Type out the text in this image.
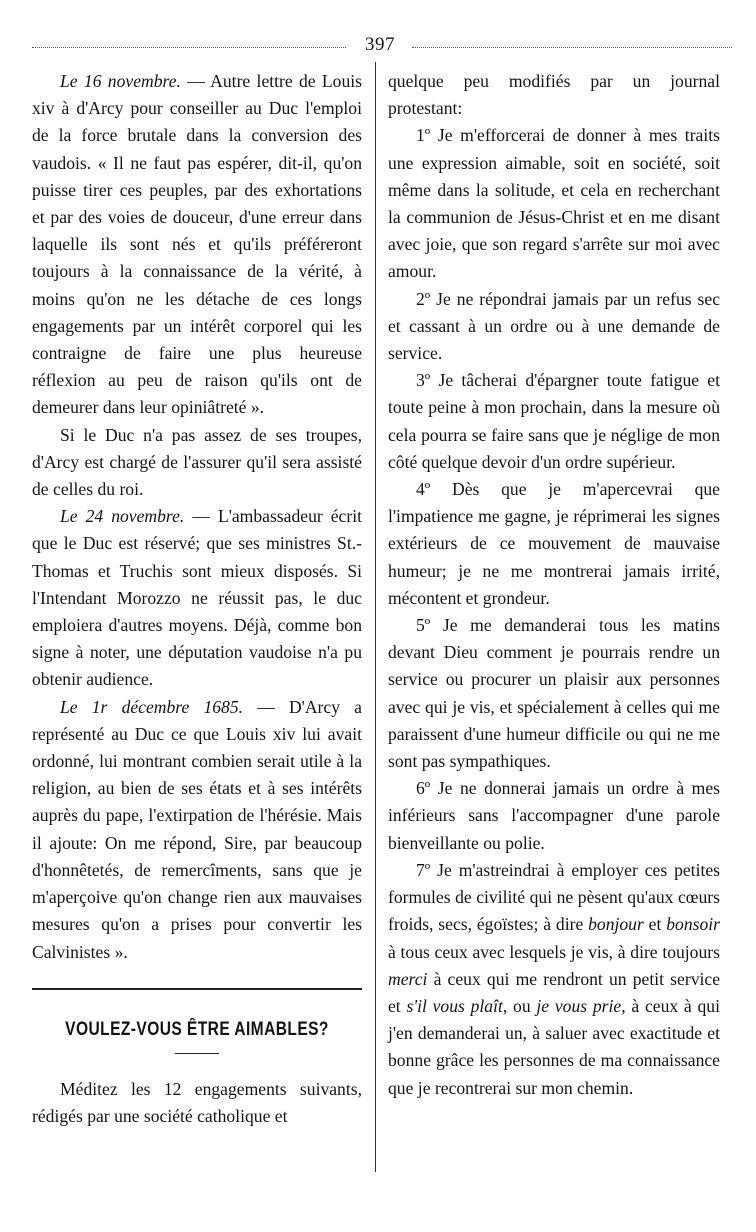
397

Le 16 novembre. — Autre lettre de Louis xiv à d'Arcy pour conseiller au Duc l'emploi de la force brutale dans la conversion des vaudois. « Il ne faut pas espérer, dit-il, qu'on puisse tirer ces peuples, par des exhortations et par des voies de douceur, d'une erreur dans laquelle ils sont nés et qu'ils préféreront toujours à la connaissance de la vérité, à moins qu'on ne les détache de ces longs engagements par un intérêt corporel qui les contraigne de faire une plus heureuse réflexion au peu de raison qu'ils ont de demeurer dans leur opiniâtreté ».

Si le Duc n'a pas assez de ses troupes, d'Arcy est chargé de l'assurer qu'il sera assisté de celles du roi.

Le 24 novembre. — L'ambassadeur écrit que le Duc est réservé; que ses ministres St.-Thomas et Truchis sont mieux disposés. Si l'Intendant Morozzo ne réussit pas, le duc emploiera d'autres moyens. Déjà, comme bon signe à noter, une députation vaudoise n'a pu obtenir audience.

Le 1r décembre 1685. — D'Arcy a représenté au Duc ce que Louis xiv lui avait ordonné, lui montrant combien serait utile à la religion, au bien de ses états et à ses intérêts auprès du pape, l'extirpation de l'hérésie. Mais il ajoute: On me répond, Sire, par beaucoup d'honnêtetés, de remercîments, sans que je m'aperçoive qu'on change rien aux mauvaises mesures qu'on a prises pour convertir les Calvinistes ».

VOULEZ-VOUS ÊTRE AIMABLES?

Méditez les 12 engagements suivants, rédigés par une société catholique et

quelque peu modifiés par un journal protestant:

1º Je m'efforcerai de donner à mes traits une expression aimable, soit en société, soit même dans la solitude, et cela en recherchant la communion de Jésus-Christ et en me disant avec joie, que son regard s'arrête sur moi avec amour.

2º Je ne répondrai jamais par un refus sec et cassant à un ordre ou à une demande de service.

3º Je tâcherai d'épargner toute fatigue et toute peine à mon prochain, dans la mesure où cela pourra se faire sans que je néglige de mon côté quelque devoir d'un ordre supérieur.

4º Dès que je m'apercevrai que l'impatience me gagne, je réprimerai les signes extérieurs de ce mouvement de mauvaise humeur; je ne me montrerai jamais irrité, mécontent et grondeur.

5º Je me demanderai tous les matins devant Dieu comment je pourrais rendre un service ou procurer un plaisir aux personnes avec qui je vis, et spécialement à celles qui me paraissent d'une humeur difficile ou qui ne me sont pas sympathiques.

6º Je ne donnerai jamais un ordre à mes inférieurs sans l'accompagner d'une parole bienveillante ou polie.

7º Je m'astreindrai à employer ces petites formules de civilité qui ne pèsent qu'aux cœurs froids, secs, égoïstes; à dire bonjour et bonsoir à tous ceux avec lesquels je vis, à dire toujours merci à ceux qui me rendront un petit service et s'il vous plaît, ou je vous prie, à ceux à qui j'en demanderai un, à saluer avec exactitude et bonne grâce les personnes de ma connaissance que je recontrerai sur mon chemin.
